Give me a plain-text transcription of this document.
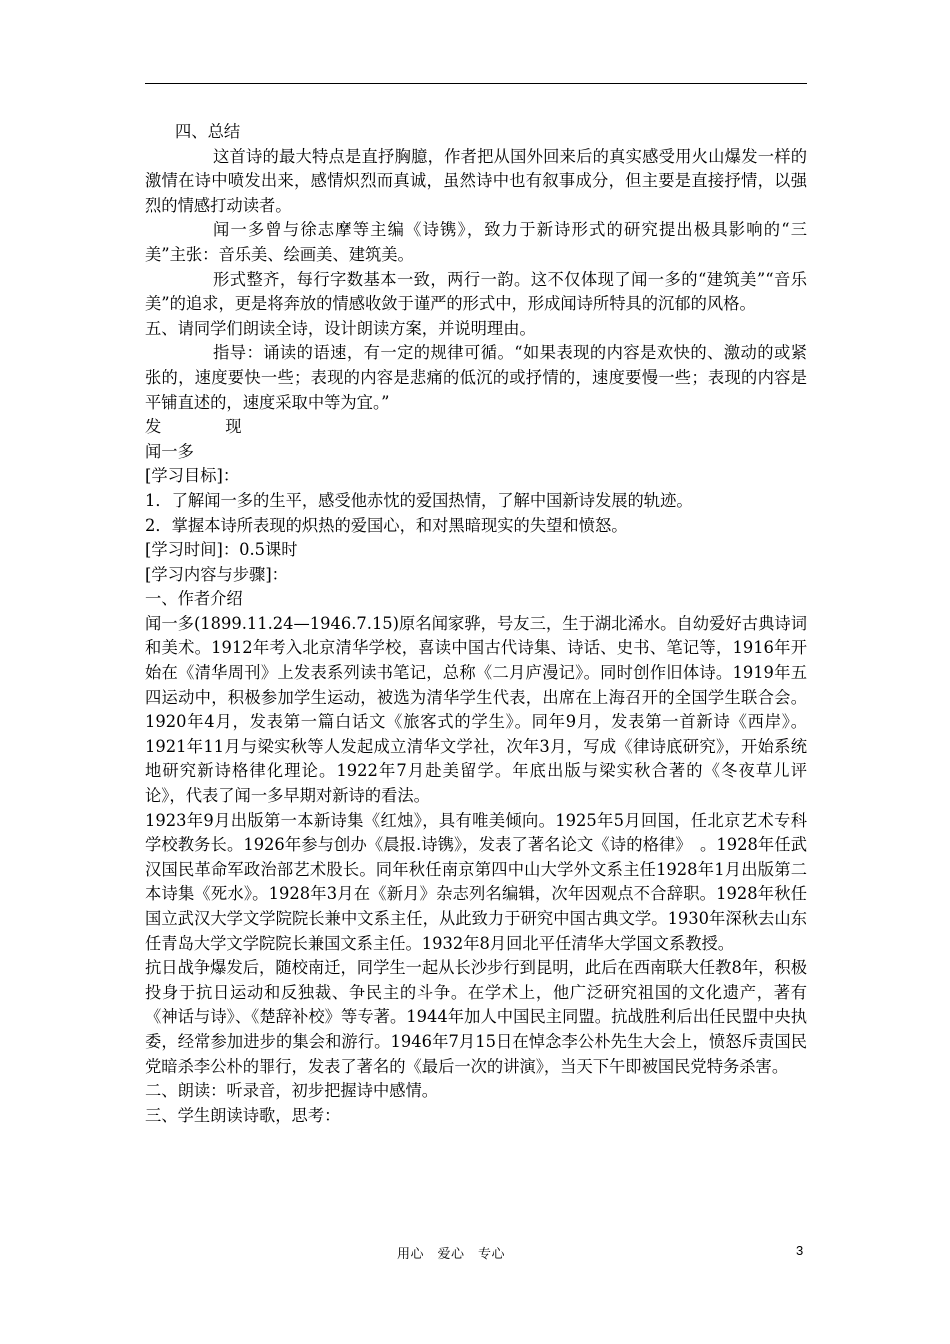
四、总结

这首诗的最大特点是直抒胸臆，作者把从国外回来后的真实感受用火山爆发一样的激情在诗中喷发出来，感情炽烈而真诚，虽然诗中也有叙事成分，但主要是直接抒情，以强烈的情感打动读者。

闻一多曾与徐志摩等主编《诗镌》，致力于新诗形式的研究提出极具影响的“三美”主张：音乐美、绘画美、建筑美。

形式整齐，每行字数基本一致，两行一韵。这不仅体现了闻一多的“建筑美”“音乐美”的追求，更是将奔放的情感收敛于谨严的形式中，形成闻诗所特具的沉郁的风格。

五、请同学们朗读全诗，设计朗读方案，并说明理由。

指导：诵读的语速，有一定的规律可循。“如果表现的内容是欢快的、激动的或紧张的，速度要快一些；表现的内容是悲痛的低沉的或抒情的，速度要慢一些；表现的内容是平铺直述的，速度采取中等为宜。”

发	现

闻一多

[学习目标]：

1．了解闻一多的生平，感受他赤忱的爱国热情，了解中国新诗发展的轨迹。

2．掌握本诗所表现的炽热的爱国心，和对黑暗现实的失望和愤怒。

[学习时间]：0.5课时

[学习内容与步骤]：

一、作者介绍

闻一多(1899.11.24—1946.7.15)原名闻家骅，号友三，生于湖北浠水。自幼爱好古典诗词和美术。1912年考入北京清华学校，喜读中国古代诗集、诗话、史书、笔记等，1916年开始在《清华周刊》上发表系列读书笔记，总称《二月庐漫记》。同时创作旧体诗。1919年五四运动中，积极参加学生运动，被选为清华学生代表，出席在上海召开的全国学生联合会。1920年4月，发表第一篇白话文《旅客式的学生》。同年9月，发表第一首新诗《西岸》。1921年11月与梁实秋等人发起成立清华文学社，次年3月，写成《律诗底研究》，开始系统地研究新诗格律化理论。1922年7月赴美留学。年底出版与梁实秋合著的《冬夜草儿评论》，代表了闻一多早期对新诗的看法。

1923年9月出版第一本新诗集《红烛》，具有唯美倾向。1925年5月回国，任北京艺术专科学校教务长。1926年参与创办《晨报.诗镌》，发表了著名论文《诗的格律》　。1928年任武汉国民革命军政治部艺术股长。同年秋任南京第四中山大学外文系主任1928年1月出版第二本诗集《死水》。1928年3月在《新月》杂志列名编辑，次年因观点不合辞职。1928年秋任国立武汉大学文学院院长兼中文系主任，从此致力于研究中国古典文学。1930年深秋去山东任青岛大学文学院院长兼国文系主任。1932年8月回北平任清华大学国文系教授。

抗日战争爆发后，随校南迁，同学生一起从长沙步行到昆明，此后在西南联大任教8年，积极投身于抗日运动和反独裁、争民主的斗争。在学术上，他广泛研究祖国的文化遗产，著有《神话与诗》、《楚辞补校》等专著。1944年加人中国民主同盟。抗战胜利后出任民盟中央执委，经常参加进步的集会和游行。1946年7月15日在悼念李公朴先生大会上，愤怒斥责国民党暗杀李公朴的罪行，发表了著名的《最后一次的讲演》，当天下午即被国民党特务杀害。

二、朗读：听录音，初步把握诗中感情。

三、学生朗读诗歌，思考：

用心　爱心　专心	3
